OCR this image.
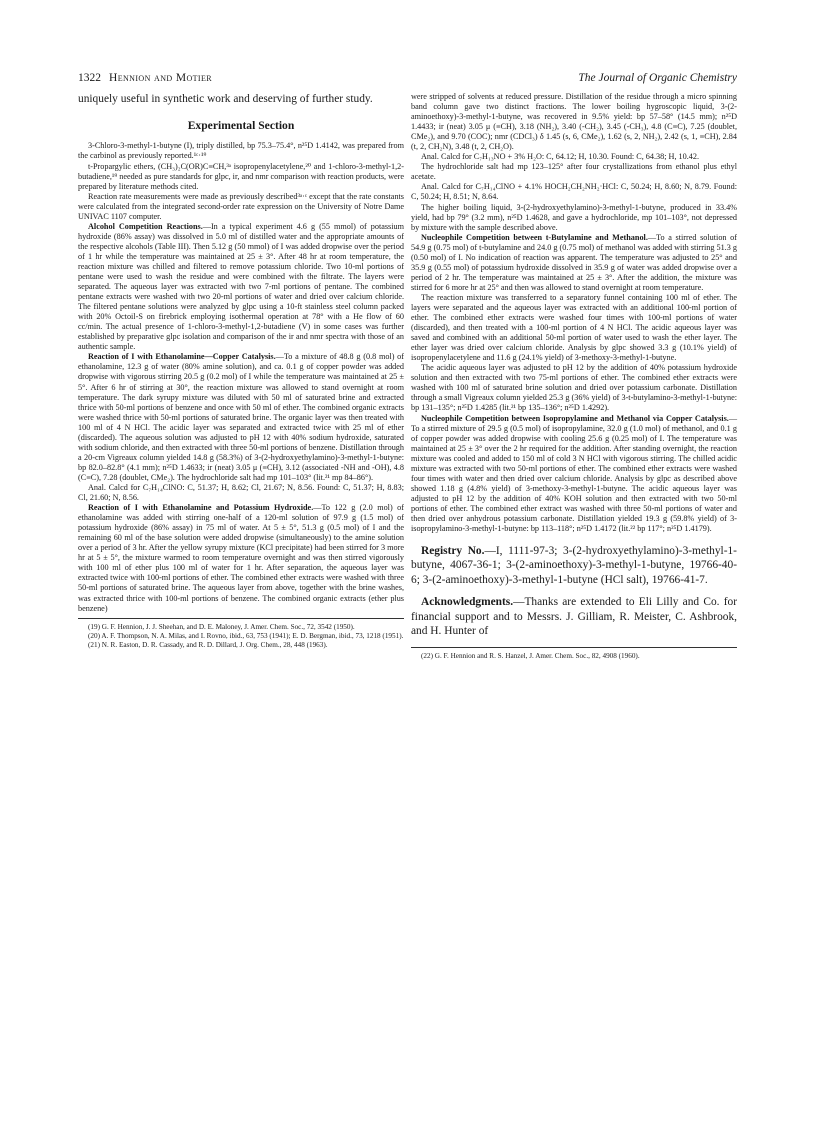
1322 Hennion and Motier	The Journal of Organic Chemistry

uniquely useful in synthetic work and deserving of further study.

Experimental Section

3-Chloro-3-methyl-1-butyne (I), triply distilled, bp 75.3–75.4°, n²⁵D 1.4142, was prepared from the carbinol as previously reported.¹ᶜ·¹⁹

t-Propargylic ethers, (CH₃)₂C(OR)C≡CH,³ᵃ isopropenylacetylene,²⁰ and 1-chloro-3-methyl-1,2-butadiene,¹⁹ needed as pure standards for glpc, ir, and nmr comparison with reaction products, were prepared by literature methods cited.

Reaction rate measurements were made as previously described³ᵃ·ᶜ except that the rate constants were calculated from the integrated second-order rate expression on the University of Notre Dame UNIVAC 1107 computer.

Alcohol Competition Reactions.—In a typical experiment 4.6 g (55 mmol) of potassium hydroxide (86% assay) was dissolved in 5.0 ml of distilled water and the appropriate amounts of the respective alcohols (Table III). Then 5.12 g (50 mmol) of I was added dropwise over the period of 1 hr while the temperature was maintained at 25 ± 3°. After 48 hr at room temperature, the reaction mixture was chilled and filtered to remove potassium chloride. Two 10-ml portions of pentane were used to wash the residue and were combined with the filtrate. The layers were separated. The aqueous layer was extracted with two 7-ml portions of pentane. The combined pentane extracts were washed with two 20-ml portions of water and dried over calcium chloride. The filtered pentane solutions were analyzed by glpc using a 10-ft stainless steel column packed with 20% Octoil-S on firebrick employing isothermal operation at 78° with a He flow of 60 cc/min. The actual presence of 1-chloro-3-methyl-1,2-butadiene (V) in some cases was further established by preparative glpc isolation and comparison of the ir and nmr spectra with those of an authentic sample.

Reaction of I with Ethanolamine—Copper Catalysis.—To a mixture of 48.8 g (0.8 mol) of ethanolamine, 12.3 g of water (80% amine solution), and ca. 0.1 g of copper powder was added dropwise with vigorous stirring 20.5 g (0.2 mol) of I while the temperature was maintained at 25 ± 5°. After 6 hr of stirring at 30°, the reaction mixture was allowed to stand overnight at room temperature. The dark syrupy mixture was diluted with 50 ml of saturated brine and extracted thrice with 50-ml portions of benzene and once with 50 ml of ether. The combined organic extracts were washed thrice with 50-ml portions of saturated brine. The organic layer was then treated with 100 ml of 4 N HCl. The acidic layer was separated and extracted twice with 25 ml of ether (discarded). The aqueous solution was adjusted to pH 12 with 40% sodium hydroxide, saturated with sodium chloride, and then extracted with three 50-ml portions of benzene. Distillation through a 20-cm Vigreaux column yielded 14.8 g (58.3%) of 3-(2-hydroxyethylamino)-3-methyl-1-butyne: bp 82.0–82.8° (4.1 mm); n²⁵D 1.4633; ir (neat) 3.05 μ (≡CH), 3.12 (associated -NH and -OH), 4.8 (C≡C), 7.28 (doublet, CMe₂). The hydrochloride salt had mp 101–103° (lit.²¹ mp 84–86°).

Anal. Calcd for C₇H₁₄ClNO: C, 51.37; H, 8.62; Cl, 21.67; N, 8.56. Found: C, 51.37; H, 8.83; Cl, 21.60; N, 8.56.

Reaction of I with Ethanolamine and Potassium Hydroxide.—To 122 g (2.0 mol) of ethanolamine was added with stirring one-half of a 120-ml solution of 97.9 g (1.5 mol) of potassium hydroxide (86% assay) in 75 ml of water. At 5 ± 5°, 51.3 g (0.5 mol) of I and the remaining 60 ml of the base solution were added dropwise (simultaneously) to the amine solution over a period of 3 hr. After the yellow syrupy mixture (KCl precipitate) had been stirred for 3 more hr at 5 ± 5°, the mixture warmed to room temperature overnight and was then stirred vigorously with 100 ml of ether plus 100 ml of water for 1 hr. After separation, the aqueous layer was extracted twice with 100-ml portions of ether. The combined ether extracts were washed with three 50-ml portions of saturated brine. The aqueous layer from above, together with the brine washes, was extracted thrice with 100-ml portions of benzene. The combined organic extracts (ether plus benzene)

(19) G. F. Hennion, J. J. Sheehan, and D. E. Maloney, J. Amer. Chem. Soc., 72, 3542 (1950).

(20) A. F. Thompson, N. A. Milas, and I. Rovno, ibid., 63, 753 (1941); E. D. Bergman, ibid., 73, 1218 (1951).

(21) N. R. Easton, D. R. Cassady, and R. D. Dillard, J. Org. Chem., 28, 448 (1963).

were stripped of solvents at reduced pressure. Distillation of the residue through a micro spinning band column gave two distinct fractions. The lower boiling hygroscopic liquid, 3-(2-aminoethoxy)-3-methyl-1-butyne, was recovered in 9.5% yield: bp 57–58° (14.5 mm); n²⁵D 1.4433; ir (neat) 3.05 μ (≡CH), 3.18 (NH₂), 3.40 (-CH₂), 3.45 (-CH₃), 4.8 (C≡C), 7.25 (doublet, CMe₂), and 9.70 (COC); nmr (CDCl₃) δ 1.45 (s, 6, CMe₂), 1.62 (s, 2, NH₂), 2.42 (s, 1, ≡CH), 2.84 (t, 2, CH₂N), 3.48 (t, 2, CH₂O).

Anal. Calcd for C₇H₁₃NO + 3% H₂O: C, 64.12; H, 10.30. Found: C, 64.38; H, 10.42.

The hydrochloride salt had mp 123–125° after four crystallizations from ethanol plus ethyl acetate.

Anal. Calcd for C₇H₁₄ClNO + 4.1% HOCH₂CH₂NH₂·HCl: C, 50.24; H, 8.60; N, 8.79. Found: C, 50.24; H, 8.51; N, 8.64.

The higher boiling liquid, 3-(2-hydroxyethylamino)-3-methyl-1-butyne, produced in 33.4% yield, had bp 79° (3.2 mm), n²⁵D 1.4628, and gave a hydrochloride, mp 101–103°, not depressed by mixture with the sample described above.

Nucleophile Competition between t-Butylamine and Methanol.—To a stirred solution of 54.9 g (0.75 mol) of t-butylamine and 24.0 g (0.75 mol) of methanol was added with stirring 51.3 g (0.50 mol) of I. No indication of reaction was apparent. The temperature was adjusted to 25° and 35.9 g (0.55 mol) of potassium hydroxide dissolved in 35.9 g of water was added dropwise over a period of 2 hr. The temperature was maintained at 25 ± 3°. After the addition, the mixture was stirred for 6 more hr at 25° and then was allowed to stand overnight at room temperature.

The reaction mixture was transferred to a separatory funnel containing 100 ml of ether. The layers were separated and the aqueous layer was extracted with an additional 100-ml portion of ether. The combined ether extracts were washed four times with 100-ml portions of water (discarded), and then treated with a 100-ml portion of 4 N HCl. The acidic aqueous layer was saved and combined with an additional 50-ml portion of water used to wash the ether layer. The ether layer was dried over calcium chloride. Analysis by glpc showed 3.3 g (10.1% yield) of isopropenylacetylene and 11.6 g (24.1% yield) of 3-methoxy-3-methyl-1-butyne.

The acidic aqueous layer was adjusted to pH 12 by the addition of 40% potassium hydroxide solution and then extracted with two 75-ml portions of ether. The combined ether extracts were washed with 100 ml of saturated brine solution and dried over potassium carbonate. Distillation through a small Vigreaux column yielded 25.3 g (36% yield) of 3-t-butylamino-3-methyl-1-butyne: bp 131–135°; n²⁵D 1.4285 (lit.²¹ bp 135–136°; n²⁵D 1.4292).

Nucleophile Competition between Isopropylamine and Methanol via Copper Catalysis.—To a stirred mixture of 29.5 g (0.5 mol) of isopropylamine, 32.0 g (1.0 mol) of methanol, and 0.1 g of copper powder was added dropwise with cooling 25.6 g (0.25 mol) of I. The temperature was maintained at 25 ± 3° over the 2 hr required for the addition. After standing overnight, the reaction mixture was cooled and added to 150 ml of cold 3 N HCl with vigorous stirring. The chilled acidic mixture was extracted with two 50-ml portions of ether. The combined ether extracts were washed four times with water and then dried over calcium chloride. Analysis by glpc as described above showed 1.18 g (4.8% yield) of 3-methoxy-3-methyl-1-butyne. The acidic aqueous layer was adjusted to pH 12 by the addition of 40% KOH solution and then extracted with two 50-ml portions of ether. The combined ether extract was washed with three 50-ml portions of water and then dried over anhydrous potassium carbonate. Distillation yielded 19.3 g (59.8% yield) of 3-isopropylamino-3-methyl-1-butyne: bp 113–118°; n²⁵D 1.4172 (lit.²² bp 117°; n²⁵D 1.4179).

Registry No.—I, 1111-97-3; 3-(2-hydroxyethylamino)-3-methyl-1-butyne, 4067-36-1; 3-(2-aminoethoxy)-3-methyl-1-butyne, 19766-40-6; 3-(2-aminoethoxy)-3-methyl-1-butyne (HCl salt), 19766-41-7.

Acknowledgments.—Thanks are extended to Eli Lilly and Co. for financial support and to Messrs. J. Gilliam, R. Meister, C. Ashbrook, and H. Hunter of

(22) G. F. Hennion and R. S. Hanzel, J. Amer. Chem. Soc., 82, 4908 (1960).
